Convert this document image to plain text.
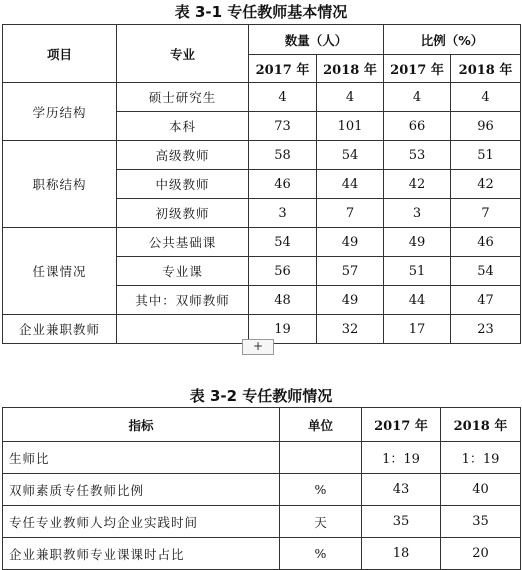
表 3-1 专任教师基本情况
项目	专业	数量（人）		比例（%）	
		2017 年	2018 年	2017 年	2018 年
学历结构	硕士研究生	4	4	4	4
	本科	73	101	66	96
职称结构	高级教师	58	54	53	51
	中级教师	46	44	42	42
	初级教师	3	7	3	7
任课情况	公共基础课	54	49	49	46
	专业课	56	57	51	54
	其中：双师教师	48	49	44	47
企业兼职教师		19	32	17	23
+
表 3-2 专任教师情况
指标	单位	2017 年	2018 年
生师比		1：19	1：19
双师素质专任教师比例	%	43	40
专任专业教师人均企业实践时间	天	35	35
企业兼职教师专业课课时占比	%	18	20
